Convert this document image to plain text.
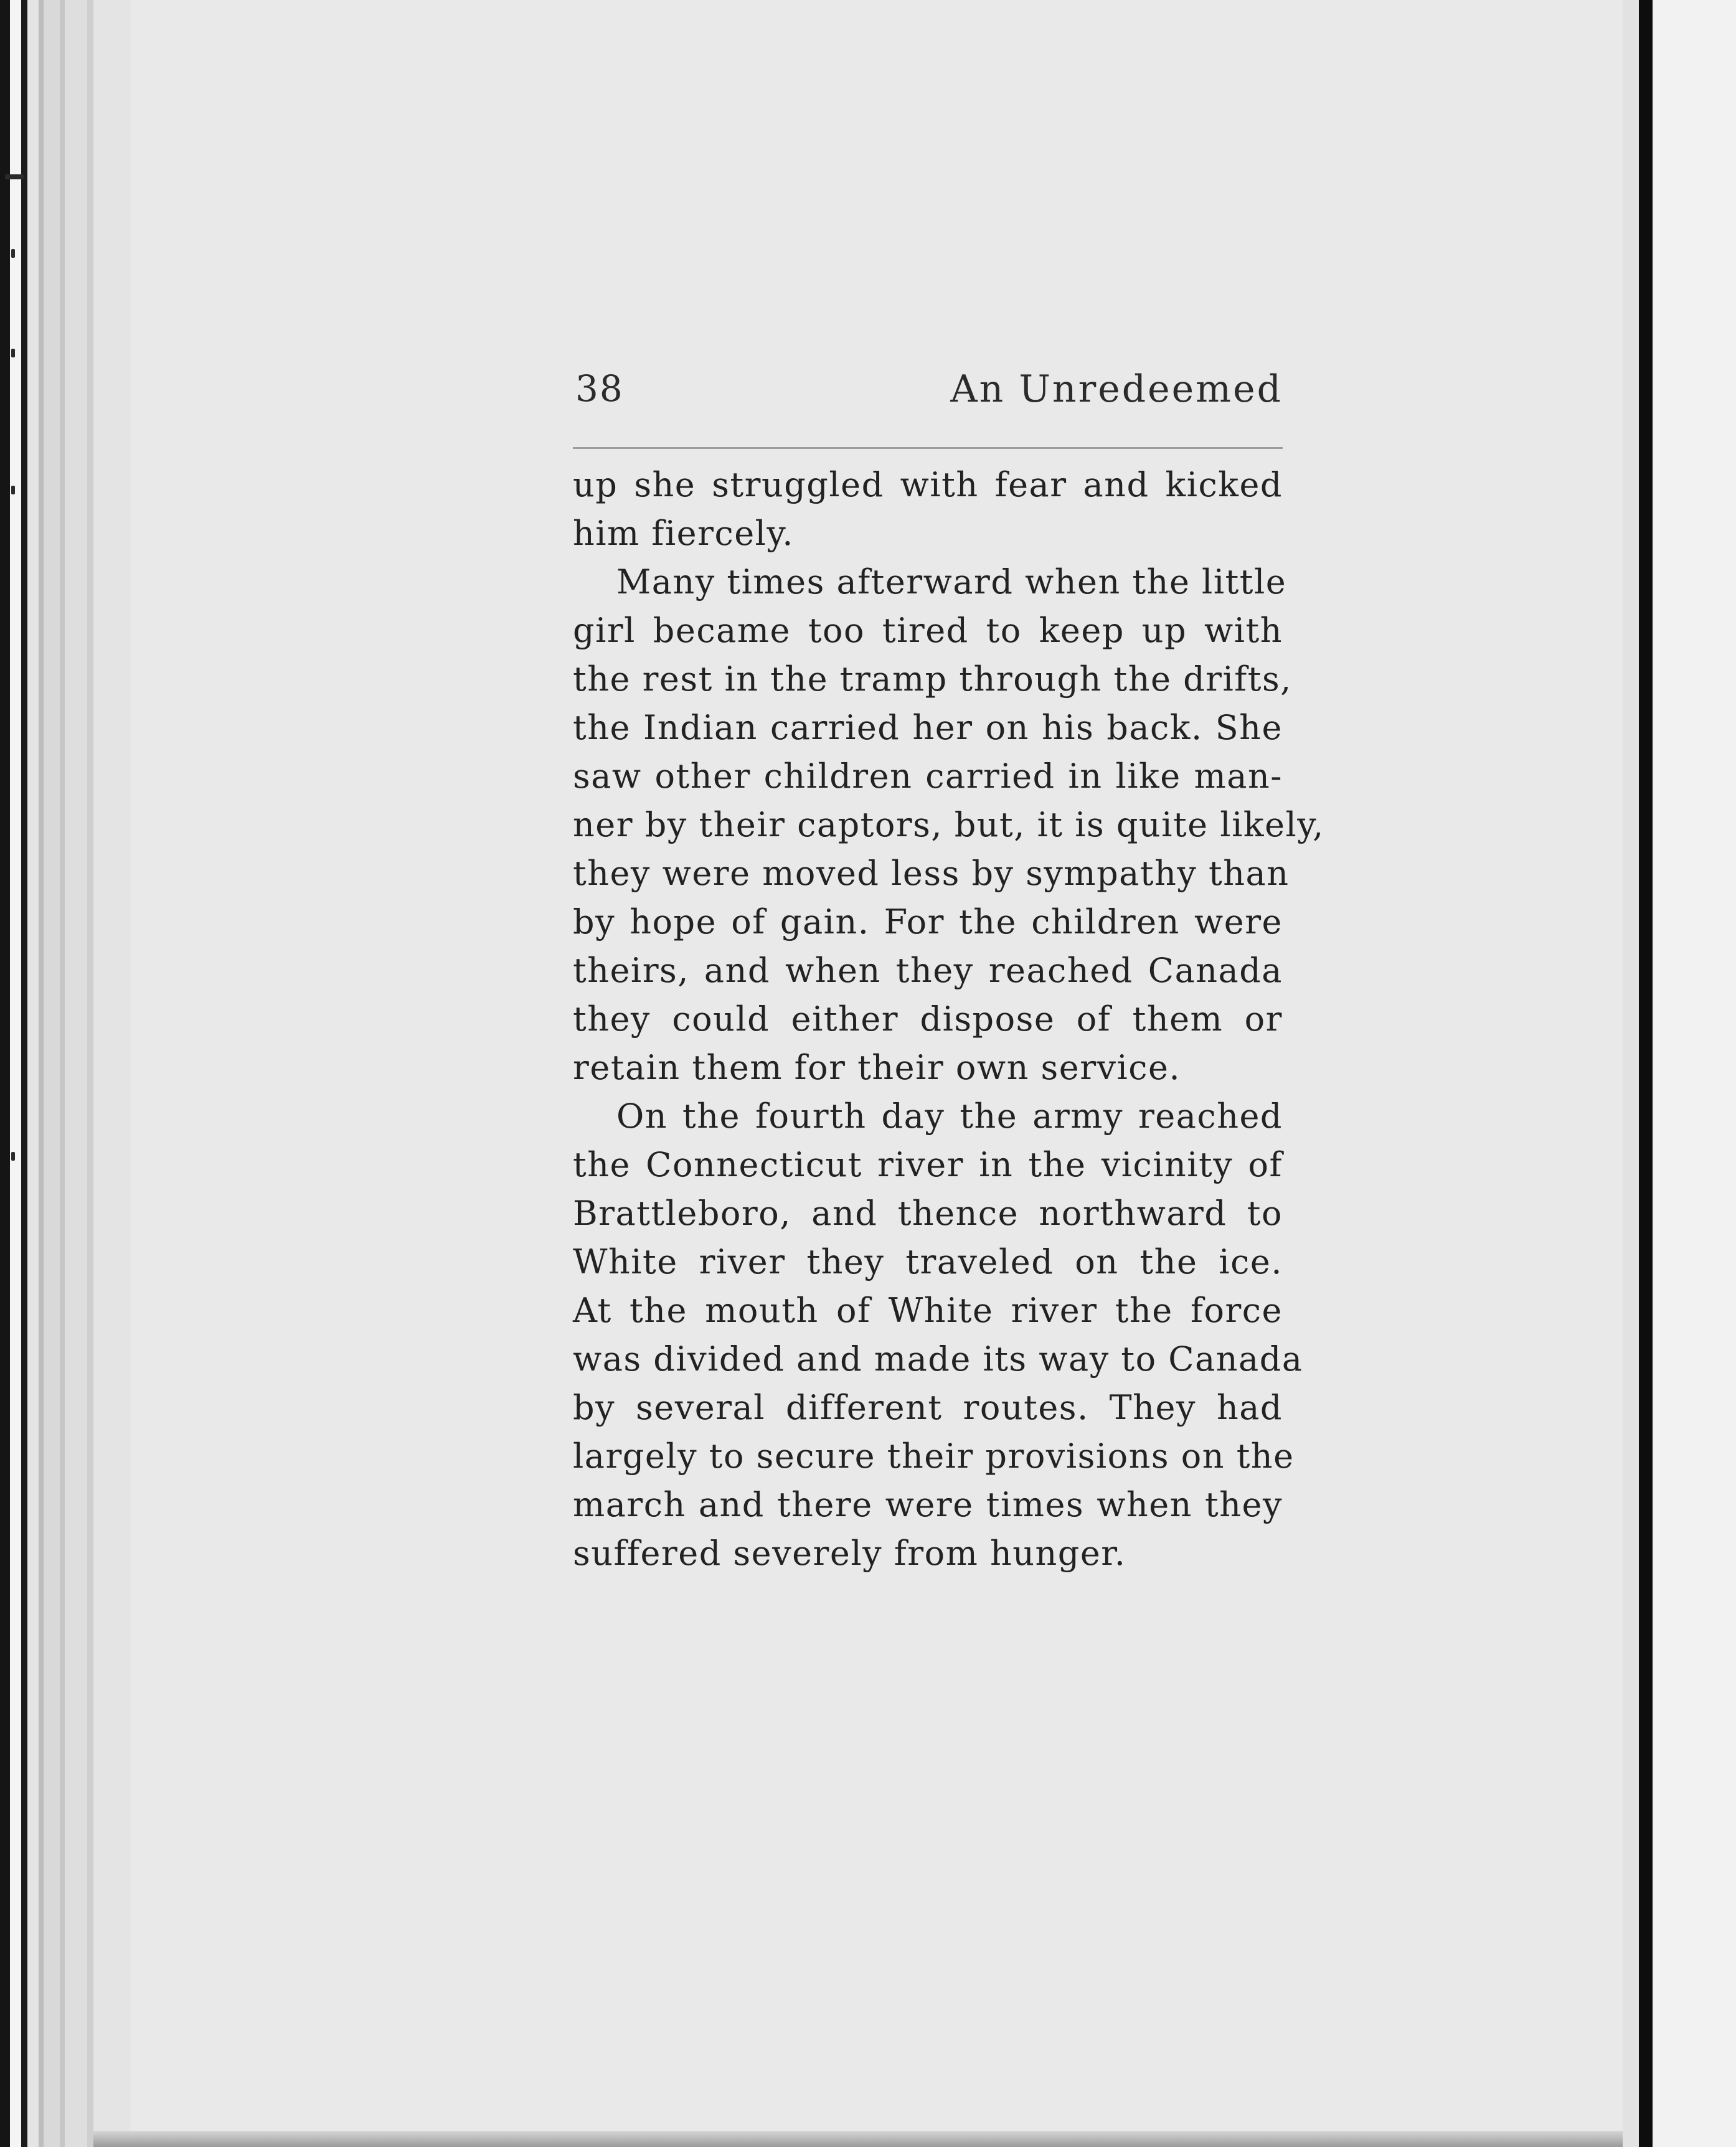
38	An Unredeemed
up she struggled with fear and kicked
him fiercely.
Many times afterward when the little
girl became too tired to keep up with
the rest in the tramp through the drifts,
the Indian carried her on his back. She
saw other children carried in like man-
ner by their captors, but, it is quite likely,
they were moved less by sympathy than
by hope of gain. For the children were
theirs, and when they reached Canada
they could either dispose of them or
retain them for their own service.
On the fourth day the army reached
the Connecticut river in the vicinity of
Brattleboro, and thence northward to
White river they traveled on the ice.
At the mouth of White river the force
was divided and made its way to Canada
by several different routes. They had
largely to secure their provisions on the
march and there were times when they
suffered severely from hunger.
